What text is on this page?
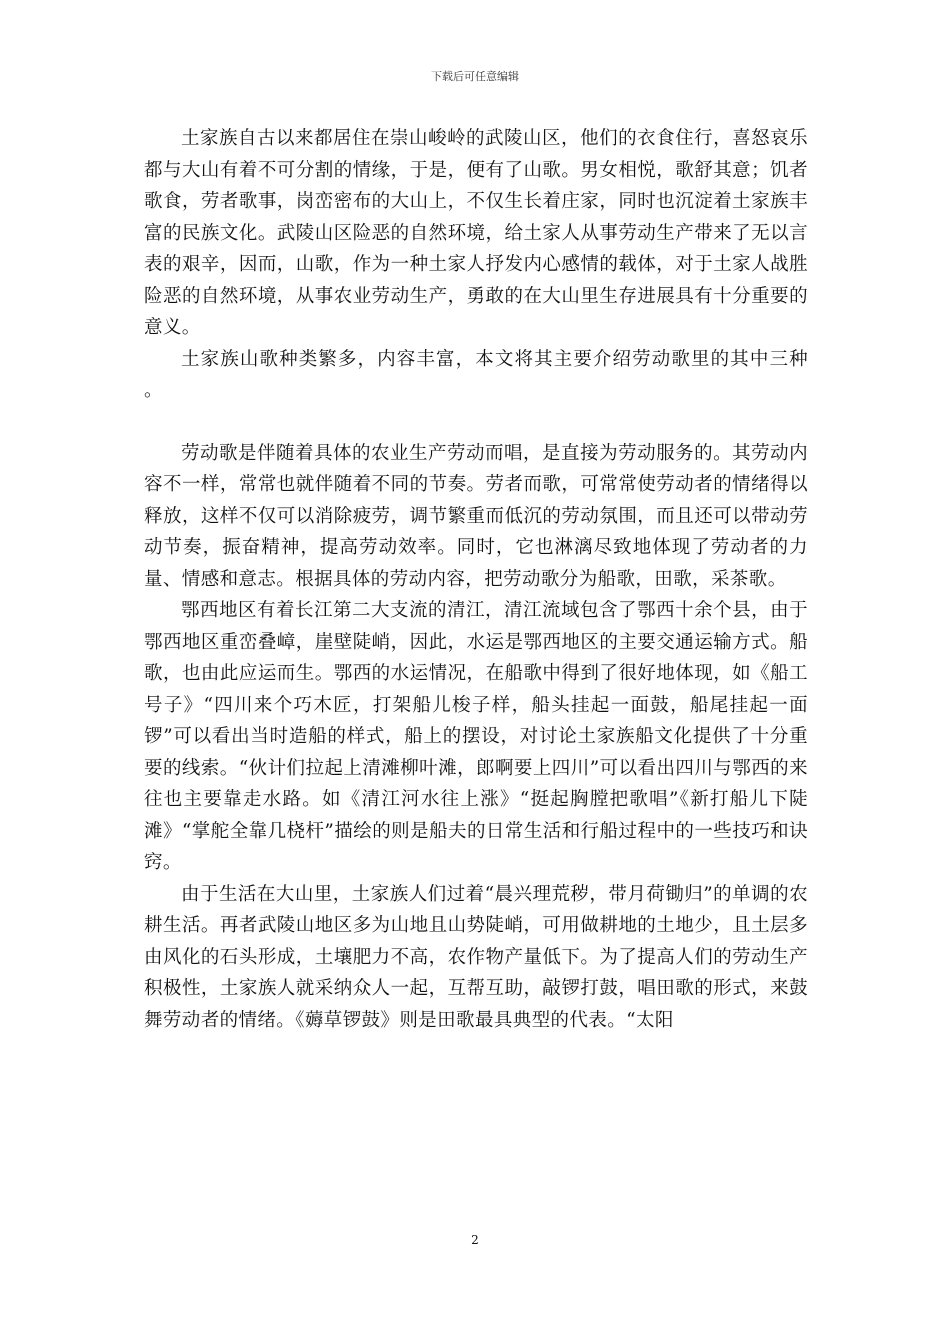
下载后可任意编辑

土家族自古以来都居住在崇山峻岭的武陵山区，他们的衣食住行，喜怒哀乐都与大山有着不可分割的情缘，于是，便有了山歌。男女相悦，歌舒其意；饥者歌食，劳者歌事，岗峦密布的大山上，不仅生长着庄家，同时也沉淀着土家族丰富的民族文化。武陵山区险恶的自然环境，给土家人从事劳动生产带来了无以言表的艰辛，因而，山歌，作为一种土家人抒发内心感情的载体，对于土家人战胜险恶的自然环境，从事农业劳动生产，勇敢的在大山里生存进展具有十分重要的意义。

土家族山歌种类繁多，内容丰富，本文将其主要介绍劳动歌里的其中三种 。

劳动歌是伴随着具体的农业生产劳动而唱，是直接为劳动服务的。其劳动内容不一样，常常也就伴随着不同的节奏。劳者而歌，可常常使劳动者的情绪得以释放，这样不仅可以消除疲劳，调节繁重而低沉的劳动氛围，而且还可以带动劳动节奏，振奋精神，提高劳动效率。同时，它也淋漓尽致地体现了劳动者的力量、情感和意志。根据具体的劳动内容，把劳动歌分为船歌，田歌，采茶歌。

鄂西地区有着长江第二大支流的清江，清江流域包含了鄂西十余个县，由于鄂西地区重峦叠嶂，崖壁陡峭，因此，水运是鄂西地区的主要交通运输方式。船歌，也由此应运而生。鄂西的水运情况，在船歌中得到了很好地体现，如《船工号子》“四川来个巧木匠，打架船儿梭子样，船头挂起一面鼓，船尾挂起一面锣”可以看出当时造船的样式，船上的摆设，对讨论土家族船文化提供了十分重要的线索。“伙计们拉起上清滩柳叶滩，郎啊要上四川”可以看出四川与鄂西的来往也主要靠走水路。如《清江河水往上涨》“挺起胸膛把歌唱”《新打船儿下陡滩》“掌舵全靠几桡杆”描绘的则是船夫的日常生活和行船过程中的一些技巧和诀窍。

由于生活在大山里，土家族人们过着“晨兴理荒秽，带月荷锄归”的单调的农耕生活。再者武陵山地区多为山地且山势陡峭，可用做耕地的土地少，且土层多由风化的石头形成，土壤肥力不高，农作物产量低下。为了提高人们的劳动生产积极性，土家族人就采纳众人一起，互帮互助，敲锣打鼓，唱田歌的形式，来鼓舞劳动者的情绪。《薅草锣鼓》则是田歌最具典型的代表。“太阳

2
